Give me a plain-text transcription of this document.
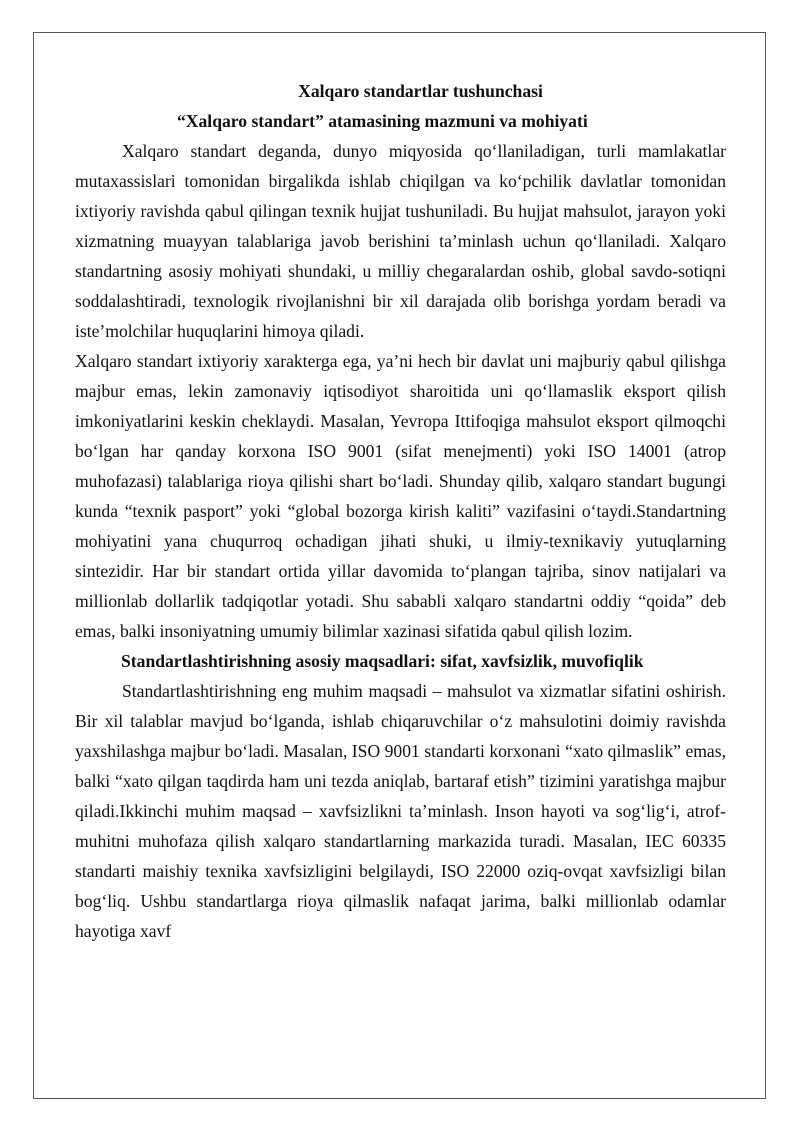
Xalqaro standartlar tushunchasi
“Xalqaro standart” atamasining mazmuni va mohiyati

Xalqaro standart deganda, dunyo miqyosida qo‘llaniladigan, turli mamlakatlar mutaxassislari tomonidan birgalikda ishlab chiqilgan va ko‘pchilik davlatlar tomonidan ixtiyoriy ravishda qabul qilingan texnik hujjat tushuniladi. Bu hujjat mahsulot, jarayon yoki xizmatning muayyan talablariga javob berishini ta’minlash uchun qo‘llaniladi. Xalqaro standartning asosiy mohiyati shundaki, u milliy chegaralardan oshib, global savdo-sotiqni soddalashtiradi, texnologik rivojlanishni bir xil darajada olib borishga yordam beradi va iste’molchilar huquqlarini himoya qiladi.

Xalqaro standart ixtiyoriy xarakterga ega, ya’ni hech bir davlat uni majburiy qabul qilishga majbur emas, lekin zamonaviy iqtisodiyot sharoitida uni qo‘llamaslik eksport qilish imkoniyatlarini keskin cheklaydi. Masalan, Yevropa Ittifoqiga mahsulot eksport qilmoqchi bo‘lgan har qanday korxona ISO 9001 (sifat menejmenti) yoki ISO 14001 (atrop muhofazasi) talablariga rioya qilishi shart bo‘ladi. Shunday qilib, xalqaro standart bugungi kunda “texnik pasport” yoki “global bozorga kirish kaliti” vazifasini o‘taydi.Standartning mohiyatini yana chuqurroq ochadigan jihati shuki, u ilmiy-texnikaviy yutuqlarning sintezidir. Har bir standart ortida yillar davomida to‘plangan tajriba, sinov natijalari va millionlab dollarlik tadqiqotlar yotadi. Shu sababli xalqaro standartni oddiy “qoida” deb emas, balki insoniyatning umumiy bilimlar xazinasi sifatida qabul qilish lozim.

Standartlashtirishning asosiy maqsadlari: sifat, xavfsizlik, muvofiqlik

Standartlashtirishning eng muhim maqsadi – mahsulot va xizmatlar sifatini oshirish. Bir xil talablar mavjud bo‘lganda, ishlab chiqaruvchilar o‘z mahsulotini doimiy ravishda yaxshilashga majbur bo‘ladi. Masalan, ISO 9001 standarti korxonani “xato qilmaslik” emas, balki “xato qilgan taqdirda ham uni tezda aniqlab, bartaraf etish” tizimini yaratishga majbur qiladi.Ikkinchi muhim maqsad – xavfsizlikni ta’minlash. Inson hayoti va sog‘lig‘i, atrof-muhitni muhofaza qilish xalqaro standartlarning markazida turadi. Masalan, IEC 60335 standarti maishiy texnika xavfsizligini belgilaydi, ISO 22000 oziq-ovqat xavfsizligi bilan bog‘liq. Ushbu standartlarga rioya qilmaslik nafaqat jarima, balki millionlab odamlar hayotiga xavf
